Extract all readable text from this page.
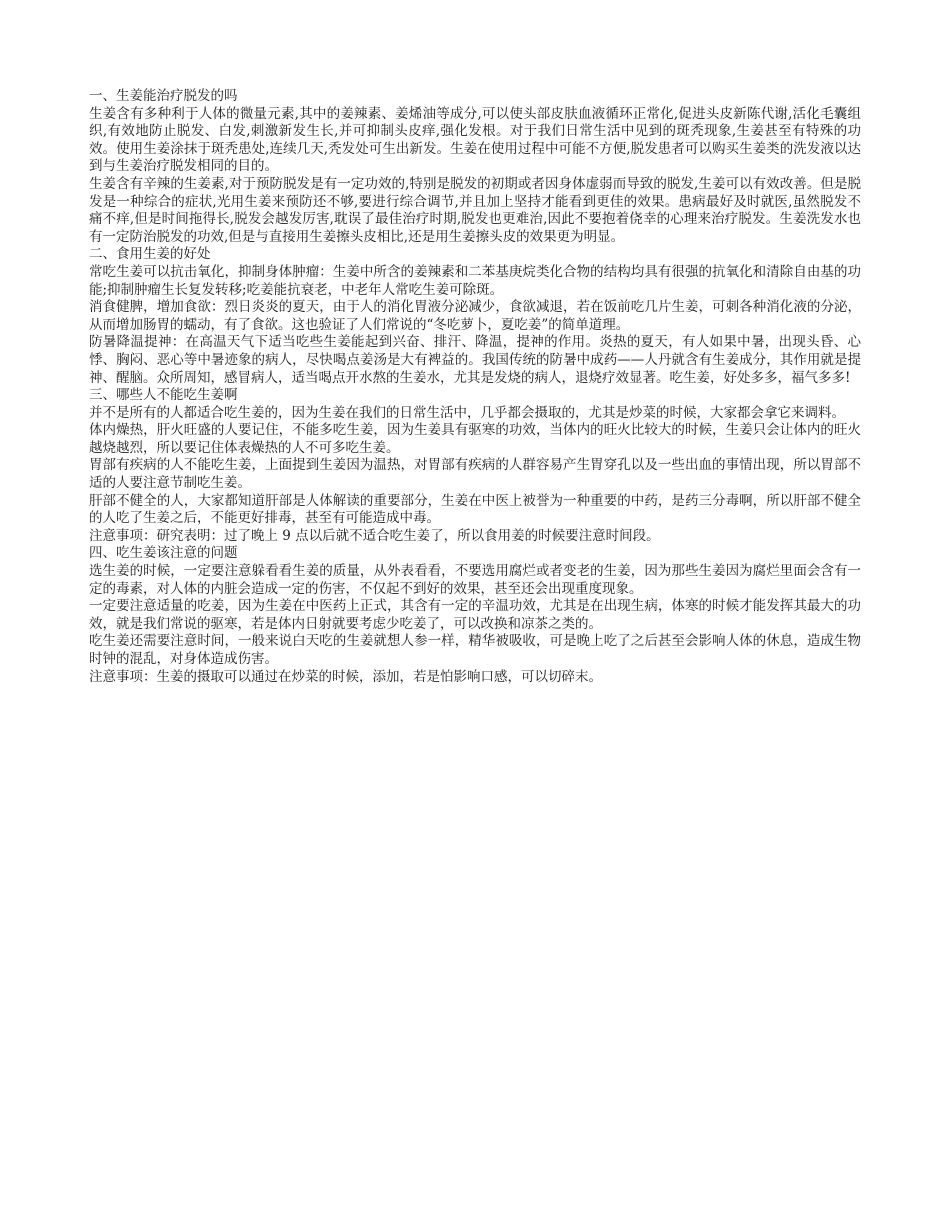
一、生姜能治疗脱发的吗

生姜含有多种利于人体的微量元素,其中的姜辣素、姜烯油等成分,可以使头部皮肤血液循环正常化,促进头皮新陈代谢,活化毛囊组织,有效地防止脱发、白发,刺激新发生长,并可抑制头皮痒,强化发根。对于我们日常生活中见到的斑秃现象,生姜甚至有特殊的功效。使用生姜涂抹于斑秃患处,连续几天,秃发处可生出新发。生姜在使用过程中可能不方便,脱发患者可以购买生姜类的洗发液以达到与生姜治疗脱发相同的目的。

生姜含有辛辣的生姜素,对于预防脱发是有一定功效的,特别是脱发的初期或者因身体虚弱而导致的脱发,生姜可以有效改善。但是脱发是一种综合的症状,光用生姜来预防还不够,要进行综合调节,并且加上坚持才能看到更佳的效果。患病最好及时就医,虽然脱发不痛不痒,但是时间拖得长,脱发会越发厉害,耽误了最佳治疗时期,脱发也更难治,因此不要抱着侥幸的心理来治疗脱发。生姜洗发水也有一定防治脱发的功效,但是与直接用生姜擦头皮相比,还是用生姜擦头皮的效果更为明显。

二、食用生姜的好处

常吃生姜可以抗击氧化，抑制身体肿瘤：生姜中所含的姜辣素和二苯基庚烷类化合物的结构均具有很强的抗氧化和清除自由基的功能;抑制肿瘤生长复发转移;吃姜能抗衰老，中老年人常吃生姜可除斑。

消食健脾，增加食欲：烈日炎炎的夏天，由于人的消化胃液分泌减少，食欲减退，若在饭前吃几片生姜，可刺各种消化液的分泌，从而增加肠胃的蠕动，有了食欲。这也验证了人们常说的“冬吃萝卜，夏吃姜”的简单道理。

防暑降温提神：在高温天气下适当吃些生姜能起到兴奋、排汗、降温，提神的作用。炎热的夏天，有人如果中暑，出现头昏、心悸、胸闷、恶心等中暑迹象的病人，尽快喝点姜汤是大有裨益的。我国传统的防暑中成药——人丹就含有生姜成分，其作用就是提神、醒脑。众所周知，感冒病人，适当喝点开水熬的生姜水，尤其是发烧的病人，退烧疗效显著。吃生姜，好处多多，福气多多!

三、哪些人不能吃生姜啊

并不是所有的人都适合吃生姜的，因为生姜在我们的日常生活中，几乎都会摄取的，尤其是炒菜的时候，大家都会拿它来调料。

体内燥热，肝火旺盛的人要记住，不能多吃生姜，因为生姜具有驱寒的功效，当体内的旺火比较大的时候，生姜只会让体内的旺火越烧越烈，所以要记住体表燥热的人不可多吃生姜。

胃部有疾病的人不能吃生姜，上面提到生姜因为温热，对胃部有疾病的人群容易产生胃穿孔以及一些出血的事情出现，所以胃部不适的人要注意节制吃生姜。

肝部不健全的人，大家都知道肝部是人体解读的重要部分，生姜在中医上被誉为一种重要的中药，是药三分毒啊，所以肝部不健全的人吃了生姜之后，不能更好排毒，甚至有可能造成中毒。

注意事项：研究表明：过了晚上 9 点以后就不适合吃生姜了，所以食用姜的时候要注意时间段。

四、吃生姜该注意的问题

选生姜的时候，一定要注意躲看看生姜的质量，从外表看看，不要选用腐烂或者变老的生姜，因为那些生姜因为腐烂里面会含有一定的毒素，对人体的内脏会造成一定的伤害，不仅起不到好的效果，甚至还会出现重度现象。

一定要注意适量的吃姜，因为生姜在中医药上正式，其含有一定的辛温功效，尤其是在出现生病，体寒的时候才能发挥其最大的功效，就是我们常说的驱寒，若是体内日射就要考虑少吃姜了，可以改换和凉茶之类的。

吃生姜还需要注意时间，一般来说白天吃的生姜就想人参一样，精华被吸收，可是晚上吃了之后甚至会影响人体的休息，造成生物时钟的混乱，对身体造成伤害。

注意事项：生姜的摄取可以通过在炒菜的时候，添加，若是怕影响口感，可以切碎末。
